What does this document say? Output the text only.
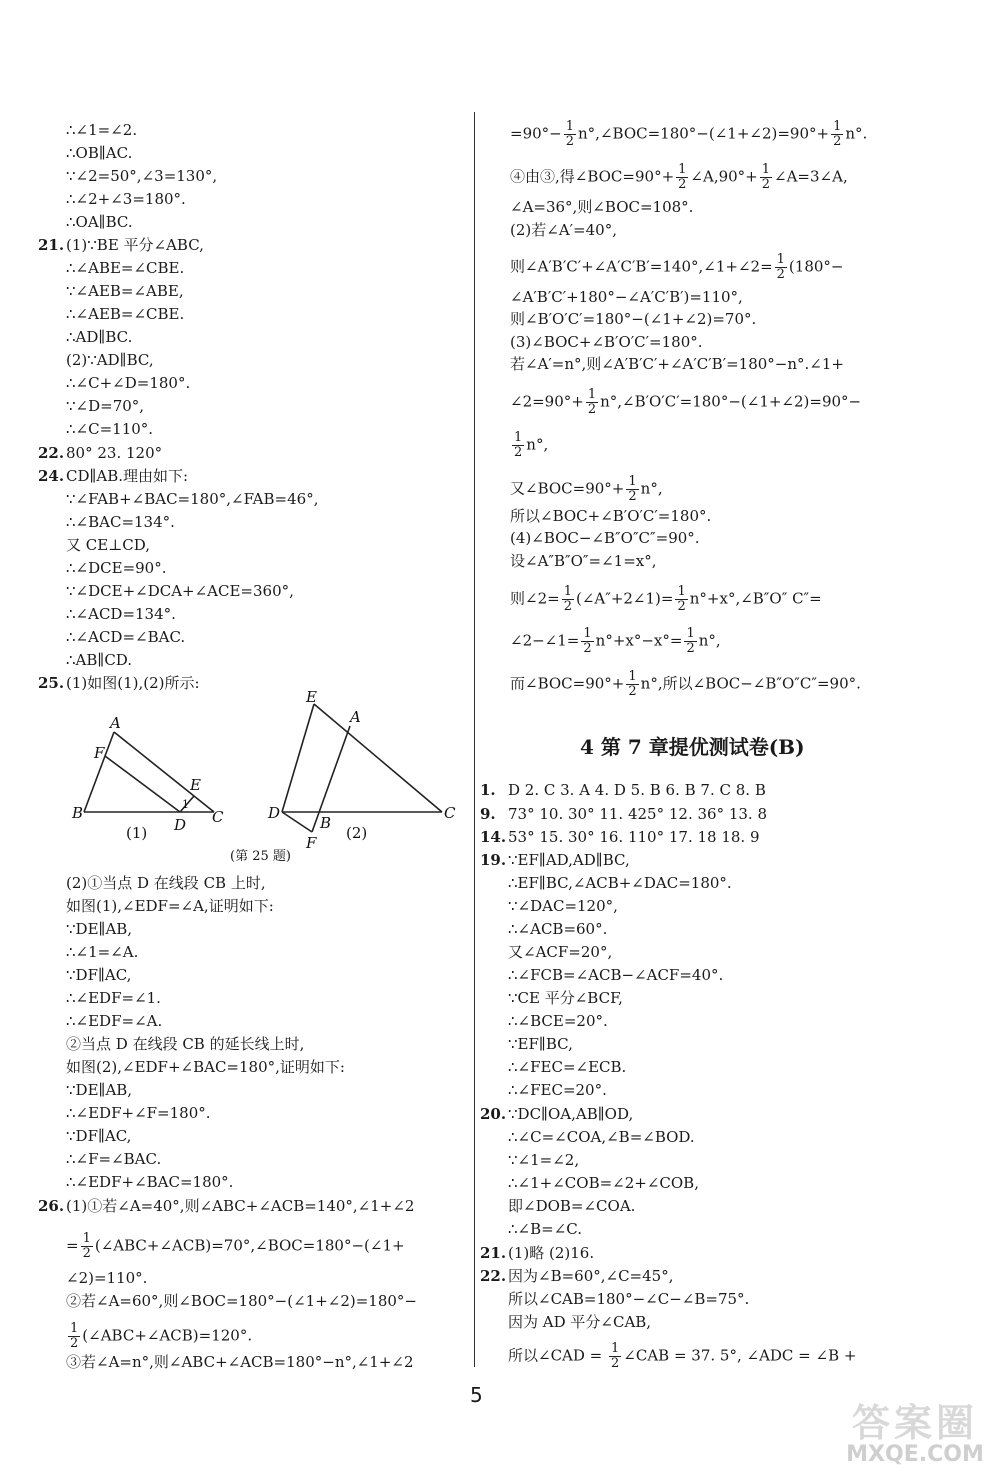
∴∠1=∠2.
∴OB∥AC.
∵∠2=50°,∠3=130°,
∴∠2+∠3=180°.
∴OA∥BC.
21. (1)∵BE 平分∠ABC,
∴∠ABE=∠CBE.
∵∠AEB=∠ABE,
∴∠AEB=∠CBE.
∴AD∥BC.
(2)∵AD∥BC,
∴∠C+∠D=180°.
∵∠D=70°,
∴∠C=110°.
22. 80° 23. 120°
24. CD∥AB.理由如下:
∵∠FAB+∠BAC=180°,∠FAB=46°,
∴∠BAC=134°.
又 CE⊥CD,
∴∠DCE=90°.
∵∠DCE+∠DCA+∠ACE=360°,
∴∠ACD=134°.
∴∠ACD=∠BAC.
∴AB∥CD.
25. (1)如图(1),(2)所示:
(2)①当点 D 在线段 CB 上时,
如图(1),∠EDF=∠A,证明如下:
∵DE∥AB,
∴∠1=∠A.
∵DF∥AC,
∴∠EDF=∠1.
∴∠EDF=∠A.
②当点 D 在线段 CB 的延长线上时,
如图(2),∠EDF+∠BAC=180°,证明如下:
∵DE∥AB,
∴∠EDF+∠F=180°.
∵DF∥AC,
∴∠F=∠BAC.
∴∠EDF+∠BAC=180°.
26. (1)①若∠A=40°,则∠ABC+∠ACB=140°,∠1+∠2
= $\frac{1}{2}$ (∠ABC+∠ACB)=70°,∠BOC=180°−(∠1+
∠2)=110°.
②若∠A=60°,则∠BOC=180°−(∠1+∠2)=180°−
$\frac{1}{2}$ (∠ABC+∠ACB)=120°.
③若∠A=n°,则∠ABC+∠ACB=180°−n°,∠1+∠2
$=90^\circ- \frac{1}{2}$ n°,∠BOC=180°−(∠1+∠2)=90°+ $\frac{1}{2} n^\circ$.
④由③,得∠BOC=90°+ $\frac{1}{2}$ ∠A,90°+ $\frac{1}{2}$ ∠A=3∠A,
∠A=36°,则∠BOC=108°.
(2)若∠A′=40°,
则∠A′B′C′+∠A′C′B′=140°,∠1+∠2= $\frac{1}{2} (180^\circ-$
∠A′B′C′+180°−∠A′C′B′)=110°,
则∠B′O′C′=180°−(∠1+∠2)=70°.
(3)∠BOC+∠B′O′C′=180°.
若∠A′=n°,则∠A′B′C′+∠A′C′B′=180°−n°.∠1+
∠2=90°+ $\frac{1}{2}$ n°,∠B′O′C′=180°−(∠1+∠2)=90°−
$\frac{1}{2} n^\circ$,
又∠BOC=90°+ $\frac{1}{2} n^\circ$,
所以∠BOC+∠B′O′C′=180°.
(4)∠BOC−∠B″O″C″=90°.
设∠A″B″O″=∠1=x°,
则∠2= $\frac{1}{2}$ (∠A″+2∠1)= $\frac{1}{2}$ n°+x°,∠B″O″ C″=
∠2−∠1= $\frac{1}{2} n^\circ+x^\circ-x^\circ= \frac{1}{2} n^\circ$,
而∠BOC=90°+ $\frac{1}{2} n^\circ$,所以∠BOC−∠B″O″C″=90°.
1. D 2. C 3. A 4. D 5. B 6. B 7. C 8. B
9. 73° 10. 30° 11. 425° 12. 36° 13. 8
14. 53° 15. 30° 16. 110° 17. 18 18. 9
19. ∵EF∥AD,AD∥BC,
∴EF∥BC,∠ACB+∠DAC=180°.
∵∠DAC=120°,
∴∠ACB=60°.
又∠ACF=20°,
∴∠FCB=∠ACB−∠ACF=40°.
∵CE 平分∠BCF,
∴∠BCE=20°.
∵EF∥BC,
∴∠FEC=∠ECB.
∴∠FEC=20°.
20. ∵DC∥OA,AB∥OD,
∴∠C=∠COA,∠B=∠BOD.
∵∠1=∠2,
∴∠1+∠COB=∠2+∠COB,
即∠DOB=∠COA.
∴∠B=∠C.
21. (1)略 (2)16.
22. 因为∠B=60°,∠C=45°,
所以∠CAB=180°−∠C−∠B=75°.
因为 AD 平分∠CAB,
所以∠CAD = $\frac{1}{2}$ ∠CAB = 37. 5°, ∠ADC = ∠B +
4 第 7 章提优测试卷(B)
A
F
E
1
B
D C
(1)
E
A
D	C
B
F
(2)
(第 25 题)
5
答案圈
MXQE.COM
